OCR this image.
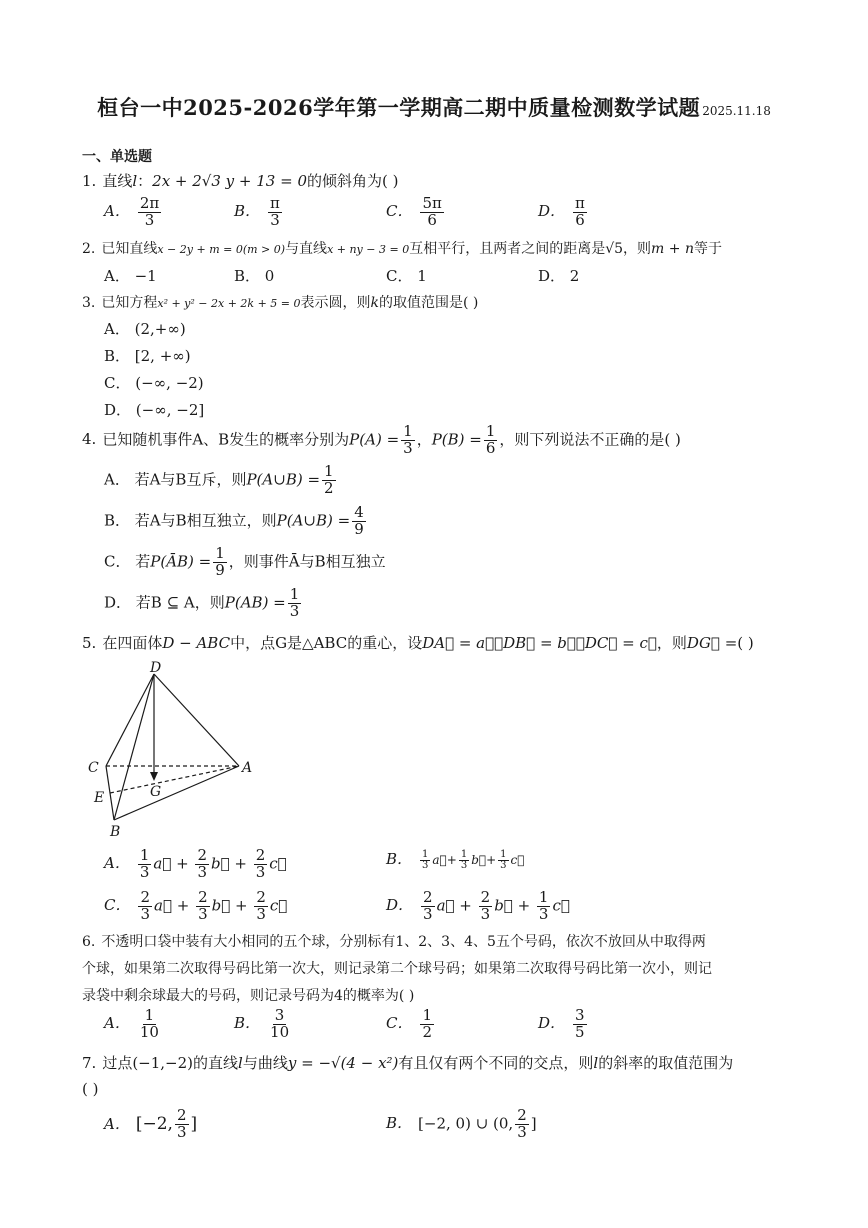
桓台一中2025-2026学年第一学期高二期中质量检测数学试题 2025.11.18
一、单选题
1. 直线l：2x + 2√3 y + 13 = 0的倾斜角为( )
A． $\frac{2\pi}{3}$	B． $\frac{\pi}{3}$	C． $\frac{5\pi}{6}$	D． $\frac{\pi}{6}$
2. 已知直线x − 2y + m = 0(m > 0)与直线x + ny − 3 = 0互相平行，且两者之间的距离是√5，则m + n等于
A． −1	B． 0	C． 1	D． 2
3. 已知方程x² + y² − 2x + 2k + 5 = 0表示圆，则k的取值范围是( )
A． (2,+∞)
B． [2, +∞)
C． (−∞, −2)
D． (−∞, −2]
4. 已知随机事件A、B发生的概率分别为$P(A) = \frac{1}{3}$ ，$P(B) = \frac{1}{6}$ ，则下列说法不正确的是( )
A． 若A与B互斥，则P(A∪B) = $\frac{1}{2}$
B． 若A与B相互独立，则P(A∪B) = $\frac{4}{9}$
C． 若P(ĀB) = $\frac{1}{9}$ ，则事件Ā与B相互独立
D． 若B ⊆ A，则$P(AB) = \frac{1}{3}$
5. 在四面体D − ABC中，点G是△ABC的重心，设DA⃗ = a⃗，DB⃗ = b⃗，DC⃗ = c⃗，则DG⃗ =( )
D
C	A
E	G
B
A． $\frac{1}{3}$ a⃗ + $\frac{2}{3}$ b⃗ + $\frac{2}{3}$ c⃗	B． $\frac{1}{3}$ a⃗+ $\frac{1}{3}$ b⃗+ $\frac{1}{3}$ c⃗
C． $\frac{2}{3}$ a⃗ + $\frac{2}{3}$ b⃗ + $\frac{2}{3}$ c⃗	D． $\frac{2}{3}$ a⃗ + $\frac{2}{3}$ b⃗ + $\frac{1}{3}$ c⃗
6. 不透明口袋中装有大小相同的五个球，分别标有1、2、3、4、5五个号码，依次不放回从中取得两
个球，如果第二次取得号码比第一次大，则记录第二个球号码；如果第二次取得号码比第一次小，则记
录袋中剩余球最大的号码，则记录号码为4的概率为( )
A． $\frac{1}{10}$	B． $\frac{3}{10}$	C． $\frac{1}{2}$	D． $\frac{3}{5}$
7. 过点(−1,−2)的直线l与曲线y = −√(4 − x²)有且仅有两个不同的交点，则l的斜率的取值范围为
( )
A． [−2, $\frac{2}{3}$ ]	B． [−2, 0) ∪ (0, $\frac{2}{3}$ ]
